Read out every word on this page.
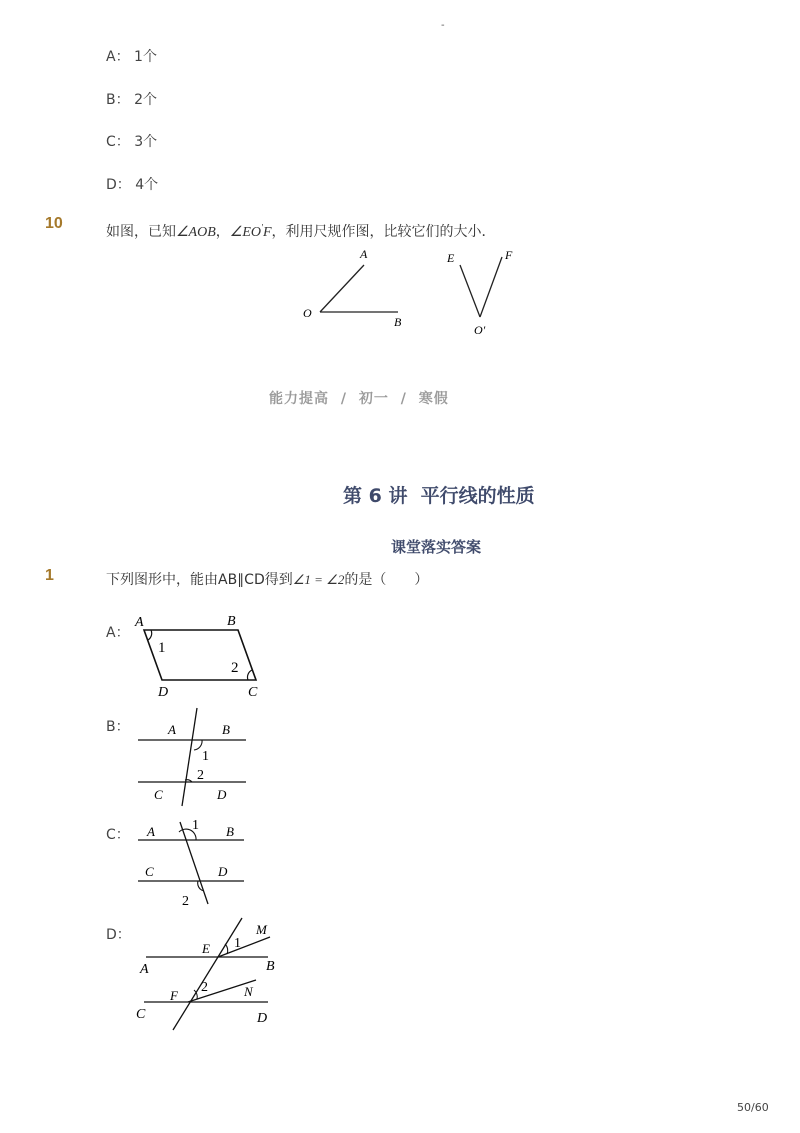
-
A： 1个
B： 2个
C： 3个
D： 4个
10	如图，已知∠AOB，∠EO′F，利用尺规作图，比较它们的大小．
A
O
B
E	F
O′
能力提高 / 初一 / 寒假
第 6 讲  平行线的性质
课堂落实答案
1	下列图形中，能由AB∥CD得到∠1 = ∠2的是（　　）
A：
A	B
C
D
1
2
B：	A	B
C	D
1
2
C： A	B
C	D
1
2
D：
E
F
M
N
A	B
C	D
1
2
50/60
